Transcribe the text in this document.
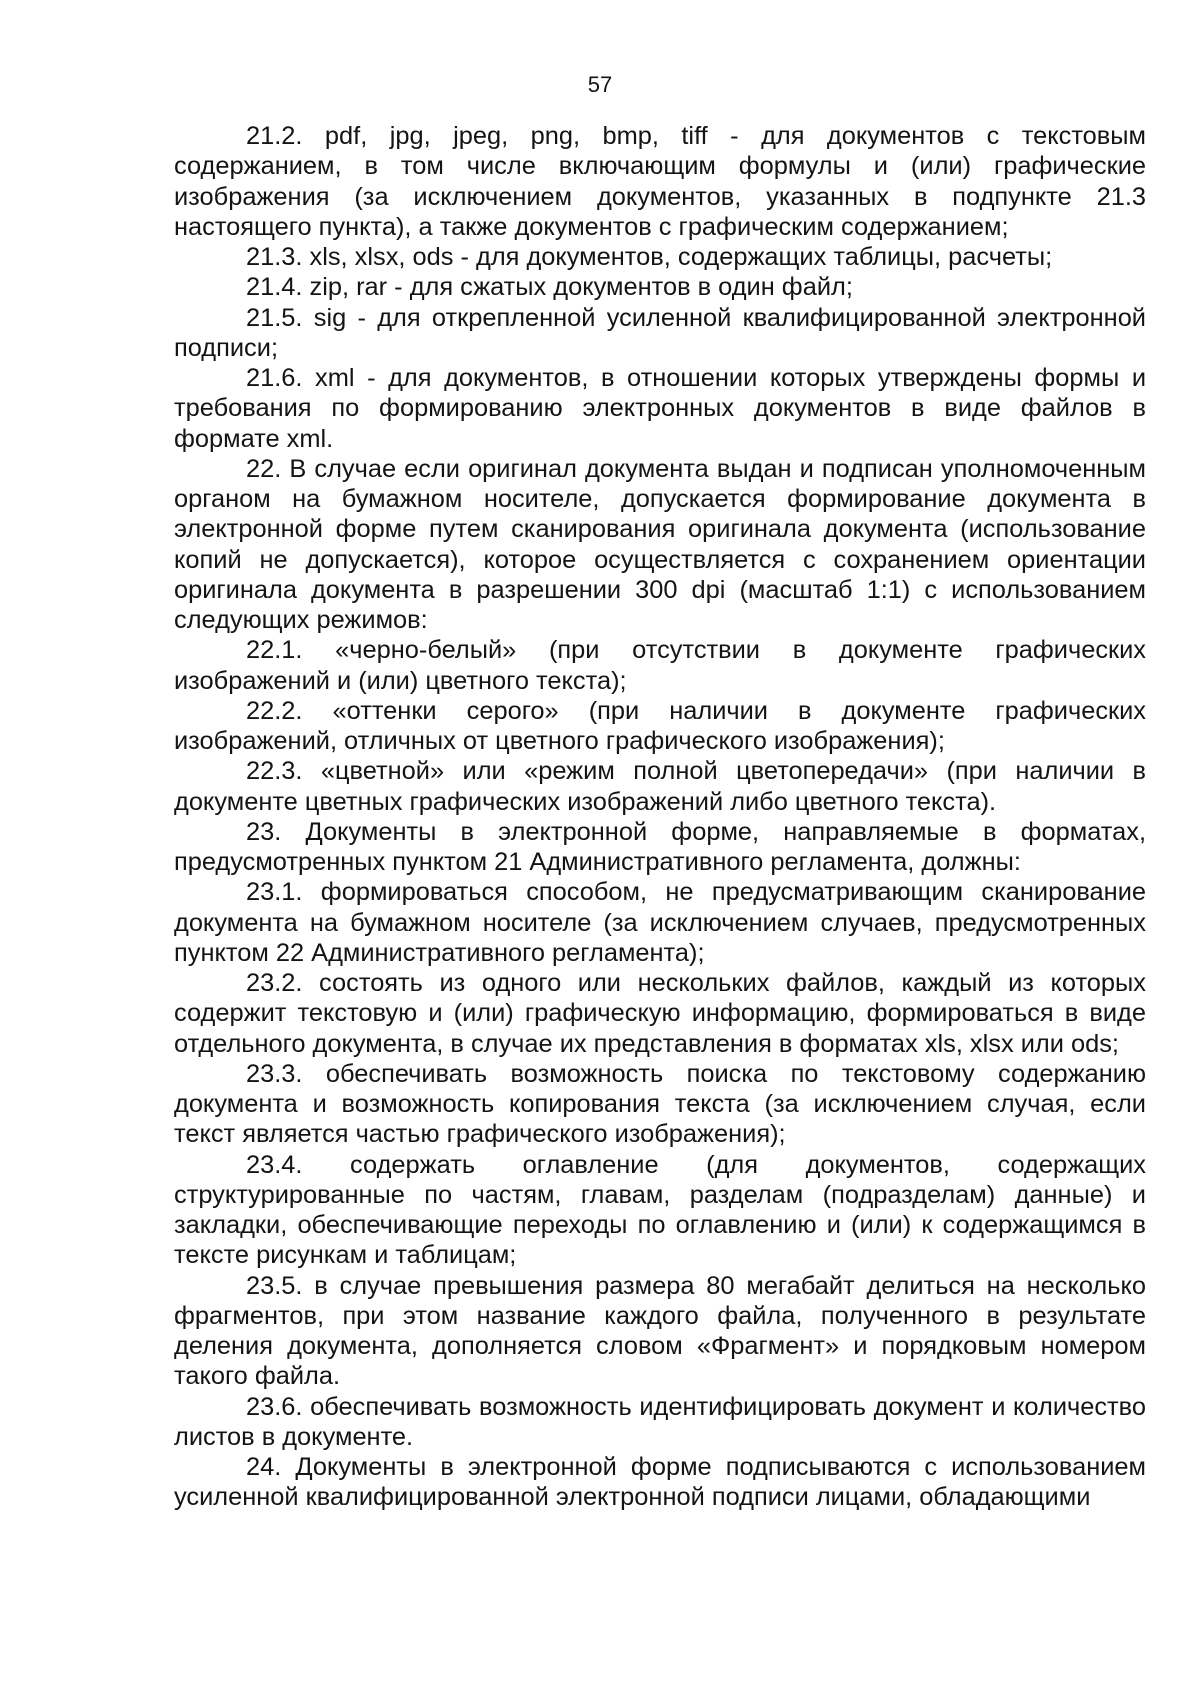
57

21.2. pdf, jpg, jpeg, png, bmp, tiff - для документов с текстовым содержанием, в том числе включающим формулы и (или) графические изображения (за исключением документов, указанных в подпункте 21.3 настоящего пункта), а также документов с графическим содержанием;

21.3. xls, xlsx, ods - для документов, содержащих таблицы, расчеты;

21.4. zip, rar - для сжатых документов в один файл;

21.5. sig - для открепленной усиленной квалифицированной электронной подписи;

21.6. xml - для документов, в отношении которых утверждены формы и требования по формированию электронных документов в виде файлов в формате xml.

22. В случае если оригинал документа выдан и подписан уполномоченным органом на бумажном носителе, допускается формирование документа в электронной форме путем сканирования оригинала документа (использование копий не допускается), которое осуществляется с сохранением ориентации оригинала документа в разрешении 300 dpi (масштаб 1:1) с использованием следующих режимов:

22.1. «черно-белый» (при отсутствии в документе графических изображений и (или) цветного текста);

22.2. «оттенки серого» (при наличии в документе графических изображений, отличных от цветного графического изображения);

22.3. «цветной» или «режим полной цветопередачи» (при наличии в документе цветных графических изображений либо цветного текста).

23. Документы в электронной форме, направляемые в форматах, предусмотренных пунктом 21 Административного регламента, должны:

23.1. формироваться способом, не предусматривающим сканирование документа на бумажном носителе (за исключением случаев, предусмотренных пунктом 22 Административного регламента);

23.2. состоять из одного или нескольких файлов, каждый из которых содержит текстовую и (или) графическую информацию, формироваться в виде отдельного документа, в случае их представления в форматах xls, xlsx или ods;

23.3. обеспечивать возможность поиска по текстовому содержанию документа и возможность копирования текста (за исключением случая, если текст является частью графического изображения);

23.4. содержать оглавление (для документов, содержащих структурированные по частям, главам, разделам (подразделам) данные) и закладки, обеспечивающие переходы по оглавлению и (или) к содержащимся в тексте рисункам и таблицам;

23.5. в случае превышения размера 80 мегабайт делиться на несколько фрагментов, при этом название каждого файла, полученного в результате деления документа, дополняется словом «Фрагмент» и порядковым номером такого файла.

23.6. обеспечивать возможность идентифицировать документ и количество листов в документе.

24. Документы в электронной форме подписываются с использованием усиленной квалифицированной электронной подписи лицами, обладающими
